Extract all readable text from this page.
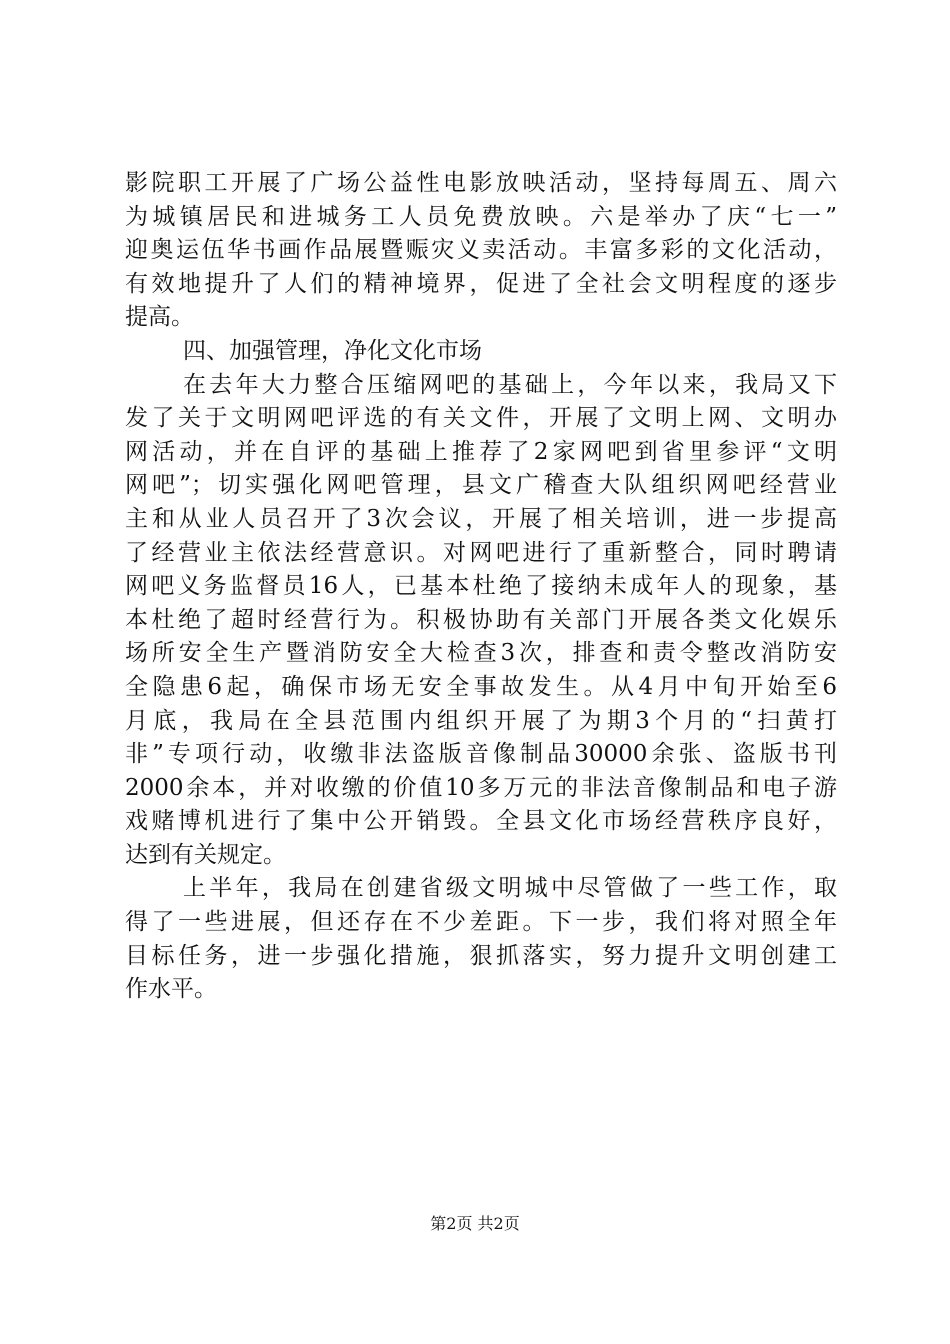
影院职工开展了广场公益性电影放映活动，坚持每周五、周六
为城镇居民和进城务工人员免费放映。六是举办了庆“七一”
迎奥运伍华书画作品展暨赈灾义卖活动。丰富多彩的文化活动，
有效地提升了人们的精神境界，促进了全社会文明程度的逐步
提高。
四、加强管理，净化文化市场
在去年大力整合压缩网吧的基础上，今年以来，我局又下
发了关于文明网吧评选的有关文件，开展了文明上网、文明办
网活动，并在自评的基础上推荐了2家网吧到省里参评“文明
网吧”；切实强化网吧管理，县文广稽查大队组织网吧经营业
主和从业人员召开了3次会议，开展了相关培训，进一步提高
了经营业主依法经营意识。对网吧进行了重新整合，同时聘请
网吧义务监督员16人，已基本杜绝了接纳未成年人的现象，基
本杜绝了超时经营行为。积极协助有关部门开展各类文化娱乐
场所安全生产暨消防安全大检查3次，排查和责令整改消防安
全隐患6起，确保市场无安全事故发生。从4月中旬开始至6
月底，我局在全县范围内组织开展了为期3个月的“扫黄打
非”专项行动，收缴非法盗版音像制品30000余张、盗版书刊
2000余本，并对收缴的价值10多万元的非法音像制品和电子游
戏赌博机进行了集中公开销毁。全县文化市场经营秩序良好，
达到有关规定。
上半年，我局在创建省级文明城中尽管做了一些工作，取
得了一些进展，但还存在不少差距。下一步，我们将对照全年
目标任务，进一步强化措施，狠抓落实，努力提升文明创建工
作水平。
第2页 共2页
